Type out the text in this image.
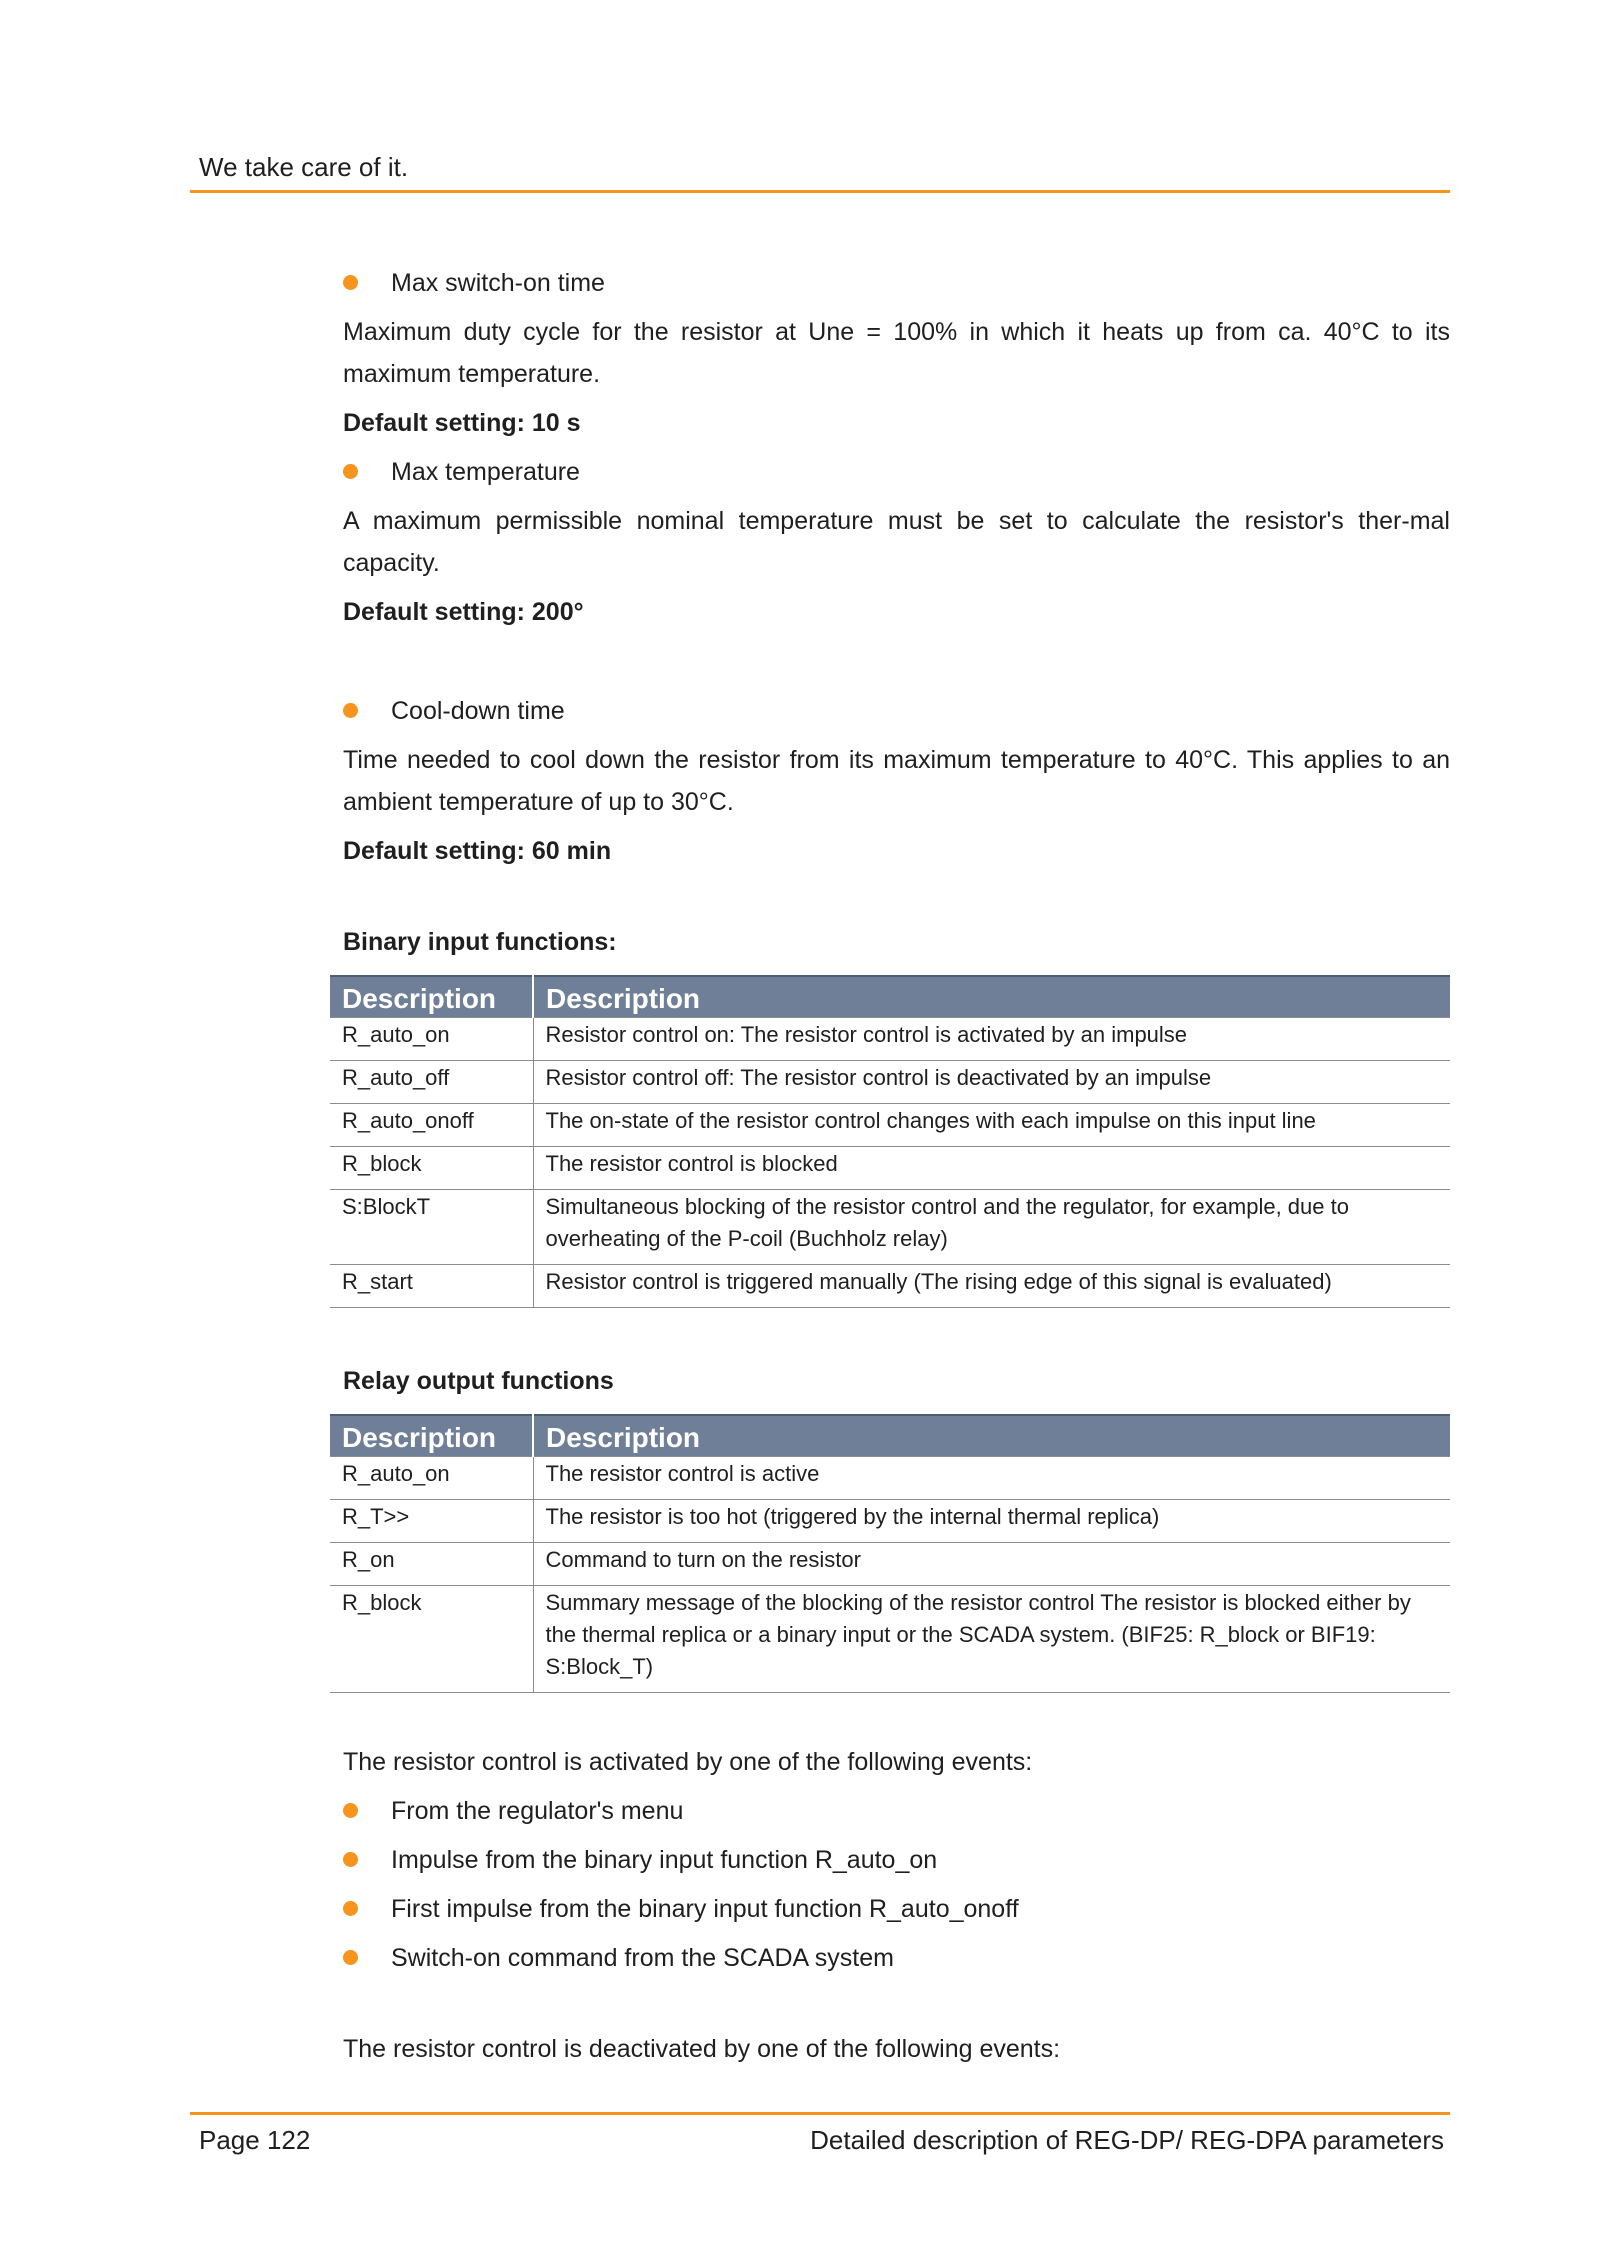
We take care of it.
Max switch-on time

Maximum duty cycle for the resistor at Une = 100% in which it heats up from ca. 40°C to its maximum temperature.

Default setting: 10 s

Max temperature

A maximum permissible nominal temperature must be set to calculate the resistor's ther-mal capacity.

Default setting: 200°

Cool-down time

Time needed to cool down the resistor from its maximum temperature to 40°C. This applies to an ambient temperature of up to 30°C.

Default setting: 60 min

Binary input functions:

Description	Description
R_auto_on	Resistor control on: The resistor control is activated by an impulse
R_auto_off	Resistor control off: The resistor control is deactivated by an impulse
R_auto_onoff	The on-state of the resistor control changes with each impulse on this input line
R_block	The resistor control is blocked
S:BlockT	Simultaneous blocking of the resistor control and the regulator, for example, due to overheating of the P-coil (Buchholz relay)
R_start	Resistor control is triggered manually (The rising edge of this signal is evaluated)

Relay output functions

Description	Description
R_auto_on	The resistor control is active
R_T>>	The resistor is too hot (triggered by the internal thermal replica)
R_on	Command to turn on the resistor
R_block	Summary message of the blocking of the resistor control The resistor is blocked either by the thermal replica or a binary input or the SCADA system. (BIF25: R_block or BIF19: S:Block_T)

The resistor control is activated by one of the following events:

From the regulator's menu
Impulse from the binary input function R_auto_on
First impulse from the binary input function R_auto_onoff
Switch-on command from the SCADA system

The resistor control is deactivated by one of the following events:

Page 122	Detailed description of REG-DP/ REG-DPA parameters
